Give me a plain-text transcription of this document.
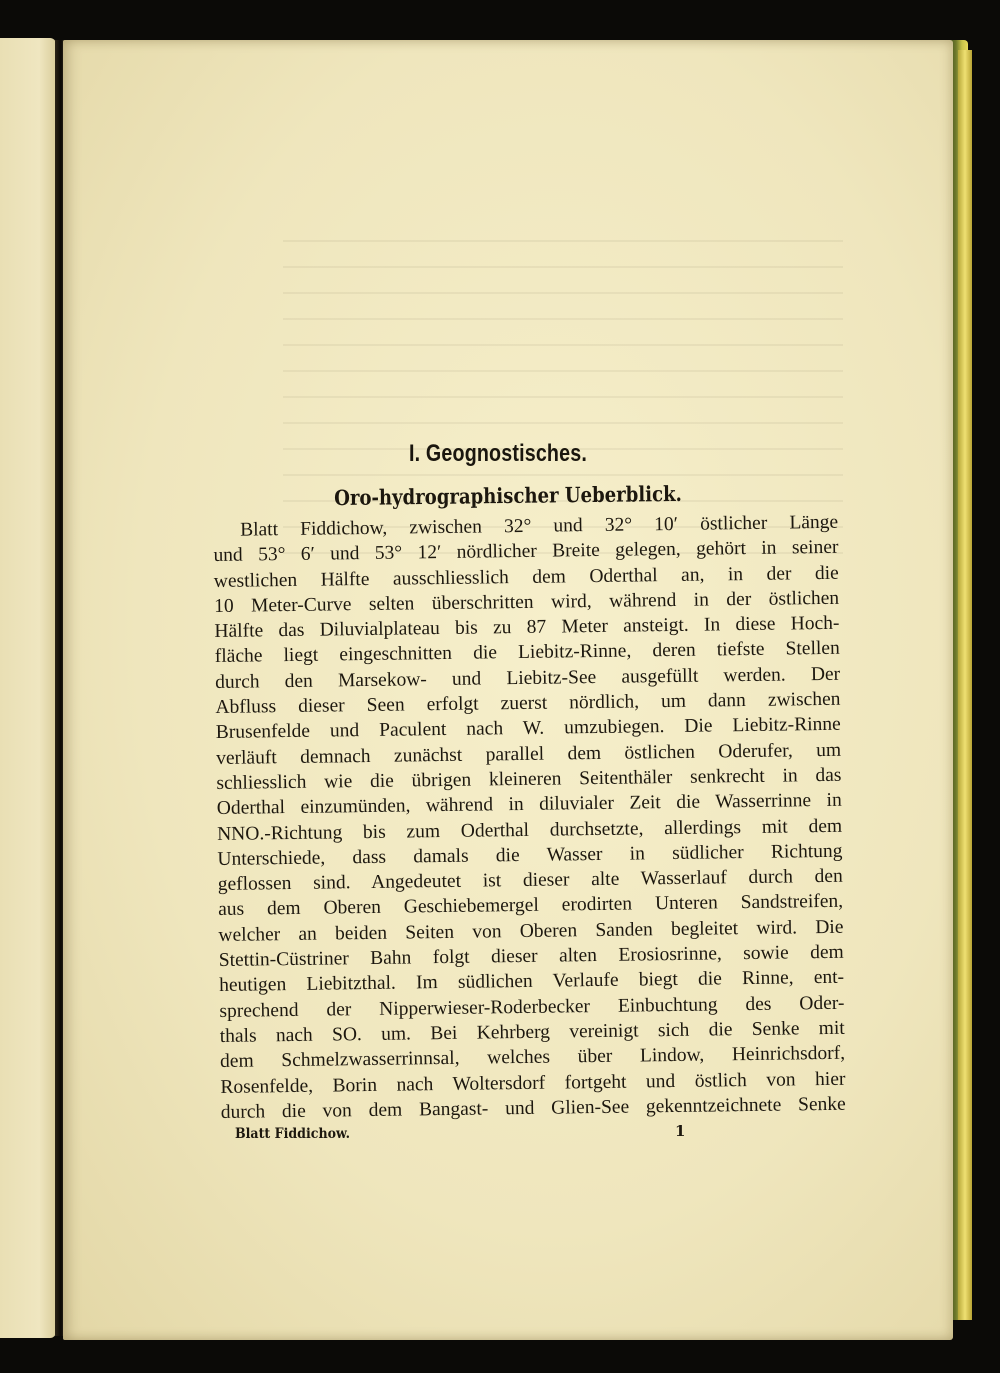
I. Geognostisches.
Oro-hydrographischer Ueberblick.
Blatt Fiddichow, zwischen 32° und 32° 10′ östlicher Länge
und 53° 6′ und 53° 12′ nördlicher Breite gelegen, gehört in seiner
westlichen Hälfte ausschliesslich dem Oderthal an, in der die
10 Meter-Curve selten überschritten wird, während in der östlichen
Hälfte das Diluvialplateau bis zu 87 Meter ansteigt. In diese Hoch-
fläche liegt eingeschnitten die Liebitz-Rinne, deren tiefste Stellen
durch den Marsekow- und Liebitz-See ausgefüllt werden. Der
Abfluss dieser Seen erfolgt zuerst nördlich, um dann zwischen
Brusenfelde und Paculent nach W. umzubiegen. Die Liebitz-Rinne
verläuft demnach zunächst parallel dem östlichen Oderufer, um
schliesslich wie die übrigen kleineren Seitenthäler senkrecht in das
Oderthal einzumünden, während in diluvialer Zeit die Wasserrinne in
NNO.-Richtung bis zum Oderthal durchsetzte, allerdings mit dem
Unterschiede, dass damals die Wasser in südlicher Richtung
geflossen sind. Angedeutet ist dieser alte Wasserlauf durch den
aus dem Oberen Geschiebemergel erodirten Unteren Sandstreifen,
welcher an beiden Seiten von Oberen Sanden begleitet wird. Die
Stettin-Cüstriner Bahn folgt dieser alten Erosiosrinne, sowie dem
heutigen Liebitzthal. Im südlichen Verlaufe biegt die Rinne, ent-
sprechend der Nipperwieser-Roderbecker Einbuchtung des Oder-
thals nach SO. um. Bei Kehrberg vereinigt sich die Senke mit
dem Schmelzwasserrinnsal, welches über Lindow, Heinrichsdorf,
Rosenfelde, Borin nach Woltersdorf fortgeht und östlich von hier
durch die von dem Bangast- und Glien-See gekenntzeichnete Senke
Blatt Fiddichow.	1
